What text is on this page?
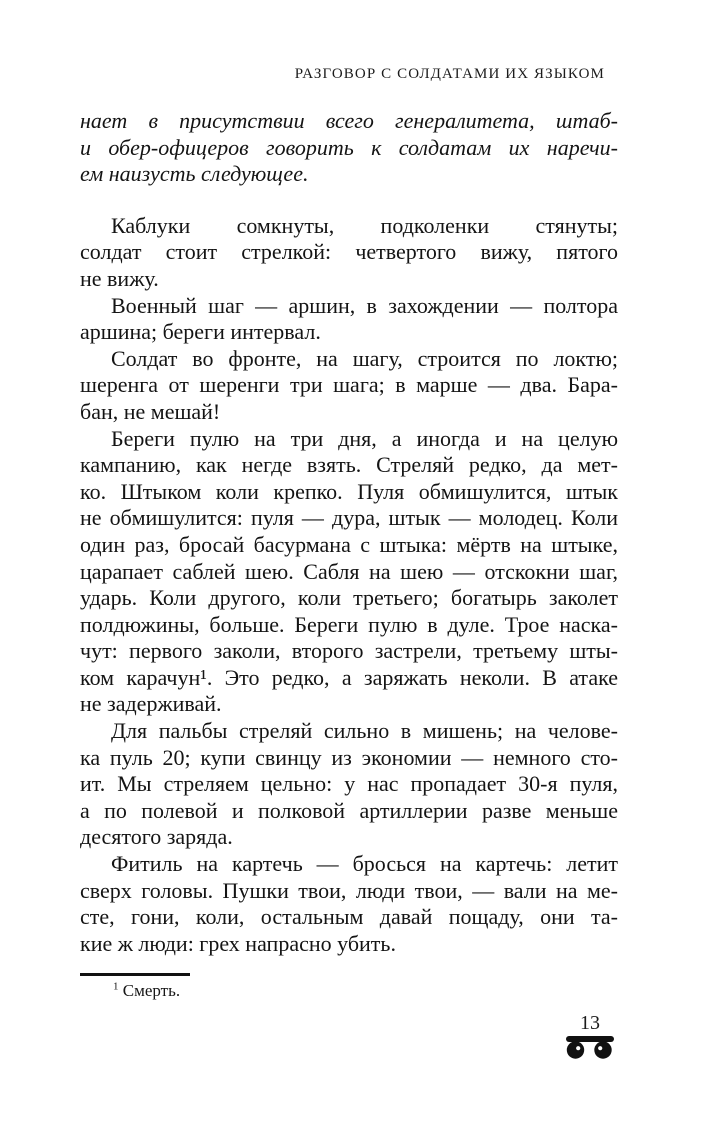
РАЗГОВОР С СОЛДАТАМИ ИХ ЯЗЫКОМ
нает в присутствии всего генералитета, штаб-
и обер-офицеров говорить к солдатам их наречи-
ем наизусть следующее.
Каблуки сомкнуты, подколенки стянуты;
солдат стоит стрелкой: четвертого вижу, пятого
не вижу.
Военный шаг — аршин, в захождении — полтора
аршина; береги интервал.
Солдат во фронте, на шагу, строится по локтю;
шеренга от шеренги три шага; в марше — два. Бара-
бан, не мешай!
Береги пулю на три дня, а иногда и на целую
кампанию, как негде взять. Стреляй редко, да мет-
ко. Штыком коли крепко. Пуля обмишулится, штык
не обмишулится: пуля — дура, штык — молодец. Коли
один раз, бросай басурмана с штыка: мёртв на штыке,
царапает саблей шею. Сабля на шею — отскокни шаг,
ударь. Коли другого, коли третьего; богатырь заколет
полдюжины, больше. Береги пулю в дуле. Трое наска-
чут: первого заколи, второго застрели, третьему шты-
ком карачун¹. Это редко, а заряжать неколи. В атаке
не задерживай.
Для пальбы стреляй сильно в мишень; на челове-
ка пуль 20; купи свинцу из экономии — немного сто-
ит. Мы стреляем цельно: у нас пропадает 30-я пуля,
а по полевой и полковой артиллерии разве меньше
десятого заряда.
Фитиль на картечь — бросься на картечь: летит
сверх головы. Пушки твои, люди твои, — вали на ме-
сте, гони, коли, остальным давай пощаду, они та-
кие ж люди: грех напрасно убить.
$^1$ Смерть.
13
